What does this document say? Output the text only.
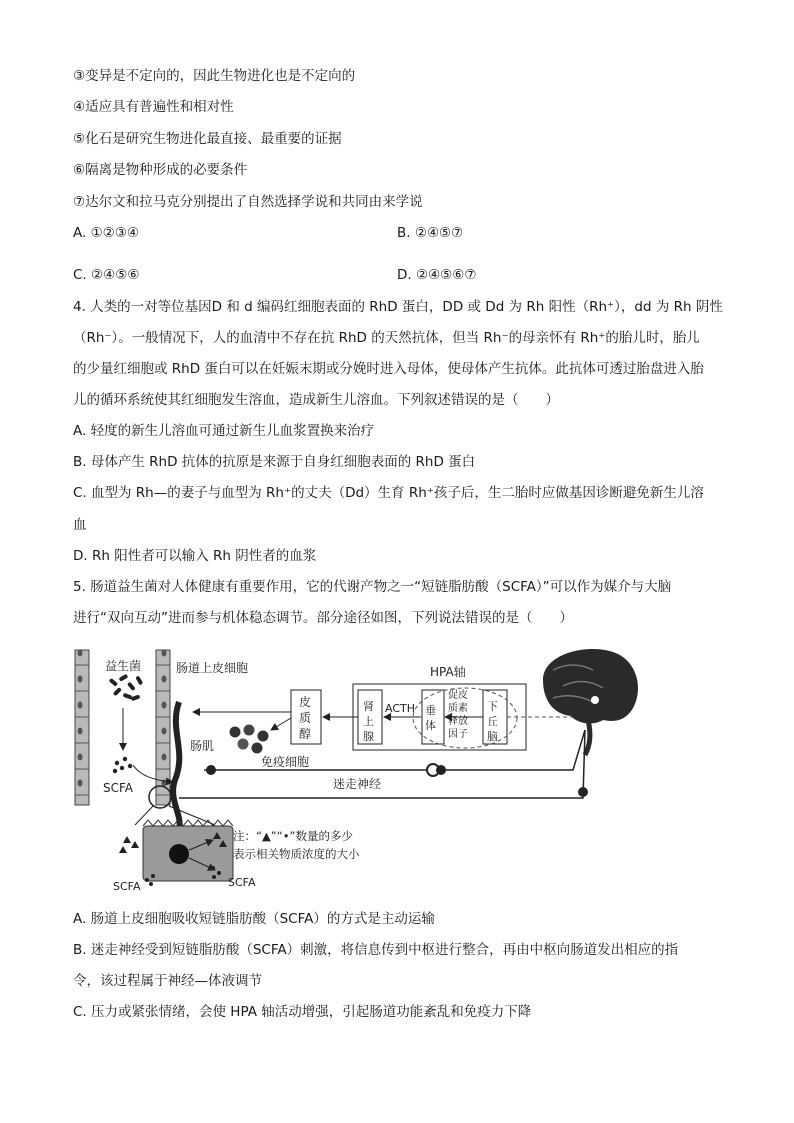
③变异是不定向的，因此生物进化也是不定向的
④适应具有普遍性和相对性
⑤化石是研究生物进化最直接、最重要的证据
⑥隔离是物种形成的必要条件
⑦达尔文和拉马克分别提出了自然选择学说和共同由来学说
A. ①②③④	B. ②④⑤⑦
C. ②④⑤⑥	D. ②④⑤⑥⑦
4. 人类的一对等位基因D 和 d 编码红细胞表面的 RhD 蛋白，DD 或 Dd 为 Rh 阳性（Rh⁺），dd 为 Rh 阴性
（Rh⁻）。一般情况下，人的血清中不存在抗 RhD 的天然抗体，但当 Rh⁻的母亲怀有 Rh⁺的胎儿时，胎儿
的少量红细胞或 RhD 蛋白可以在妊娠末期或分娩时进入母体，使母体产生抗体。此抗体可透过胎盘进入胎
儿的循环系统使其红细胞发生溶血，造成新生儿溶血。下列叙述错误的是（　　）
A. 轻度的新生儿溶血可通过新生儿血浆置换来治疗
B. 母体产生 RhD 抗体的抗原是来源于自身红细胞表面的 RhD 蛋白
C. 血型为 Rh—的妻子与血型为 Rh⁺的丈夫（Dd）生育 Rh⁺孩子后，生二胎时应做基因诊断避免新生儿溶
血
D. Rh 阳性者可以输入 Rh 阴性者的血浆
5. 肠道益生菌对人体健康有重要作用，它的代谢产物之一“短链脂肪酸（SCFA）”可以作为媒介与大脑
进行“双向互动”进而参与机体稳态调节。部分途径如图，下列说法错误的是（　　）
益生菌
SCFA
肠道上皮细胞
肠肌
免疫细胞
皮质醇
HPA轴
肾上腺
ACTH 垂体
促皮质素释放因子
下丘脑
迷走神经
SCFA	SCFA
注：“▲”“•”数量的多少
表示相关物质浓度的大小
A. 肠道上皮细胞吸收短链脂肪酸（SCFA）的方式是主动运输
B. 迷走神经受到短链脂肪酸（SCFA）刺激，将信息传到中枢进行整合，再由中枢向肠道发出相应的指
令，该过程属于神经—体液调节
C. 压力或紧张情绪，会使 HPA 轴活动增强，引起肠道功能紊乱和免疫力下降
